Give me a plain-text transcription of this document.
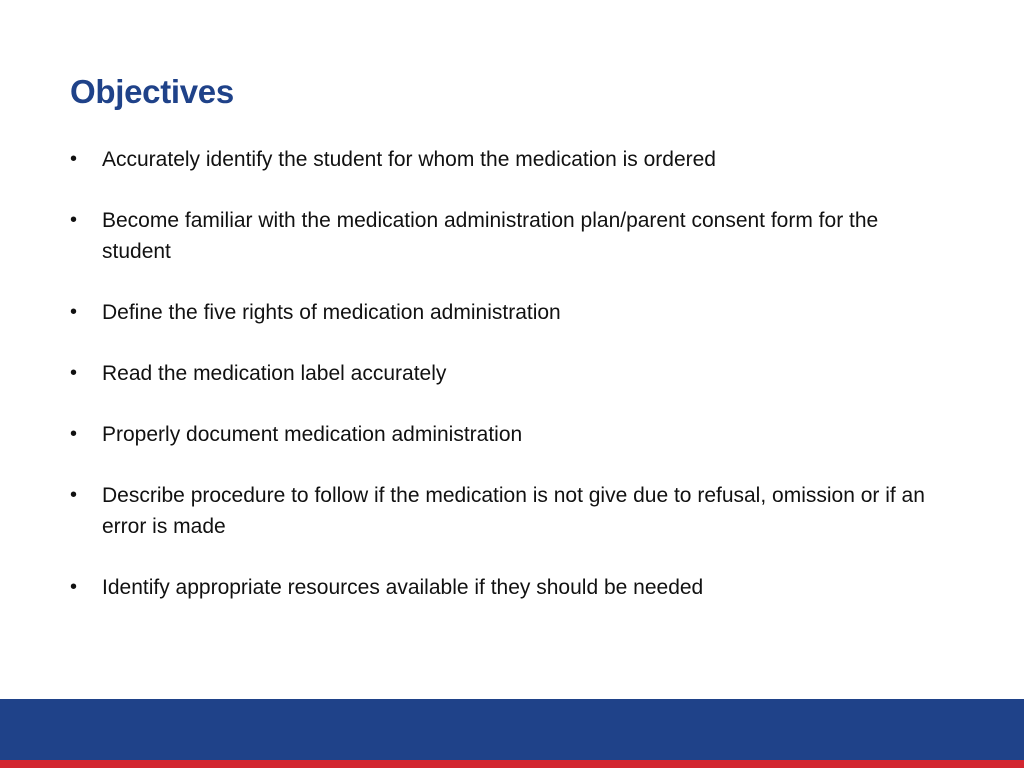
Objectives
•	Accurately identify the student for whom the medication is ordered
•	Become familiar with the medication administration plan/parent consent form for the student
•	Define the five rights of medication administration
•	Read the medication label accurately
•	Properly document medication administration
•	Describe procedure to follow if the medication is not give due to refusal, omission or if an error is made
•	Identify appropriate resources available if they should be needed
